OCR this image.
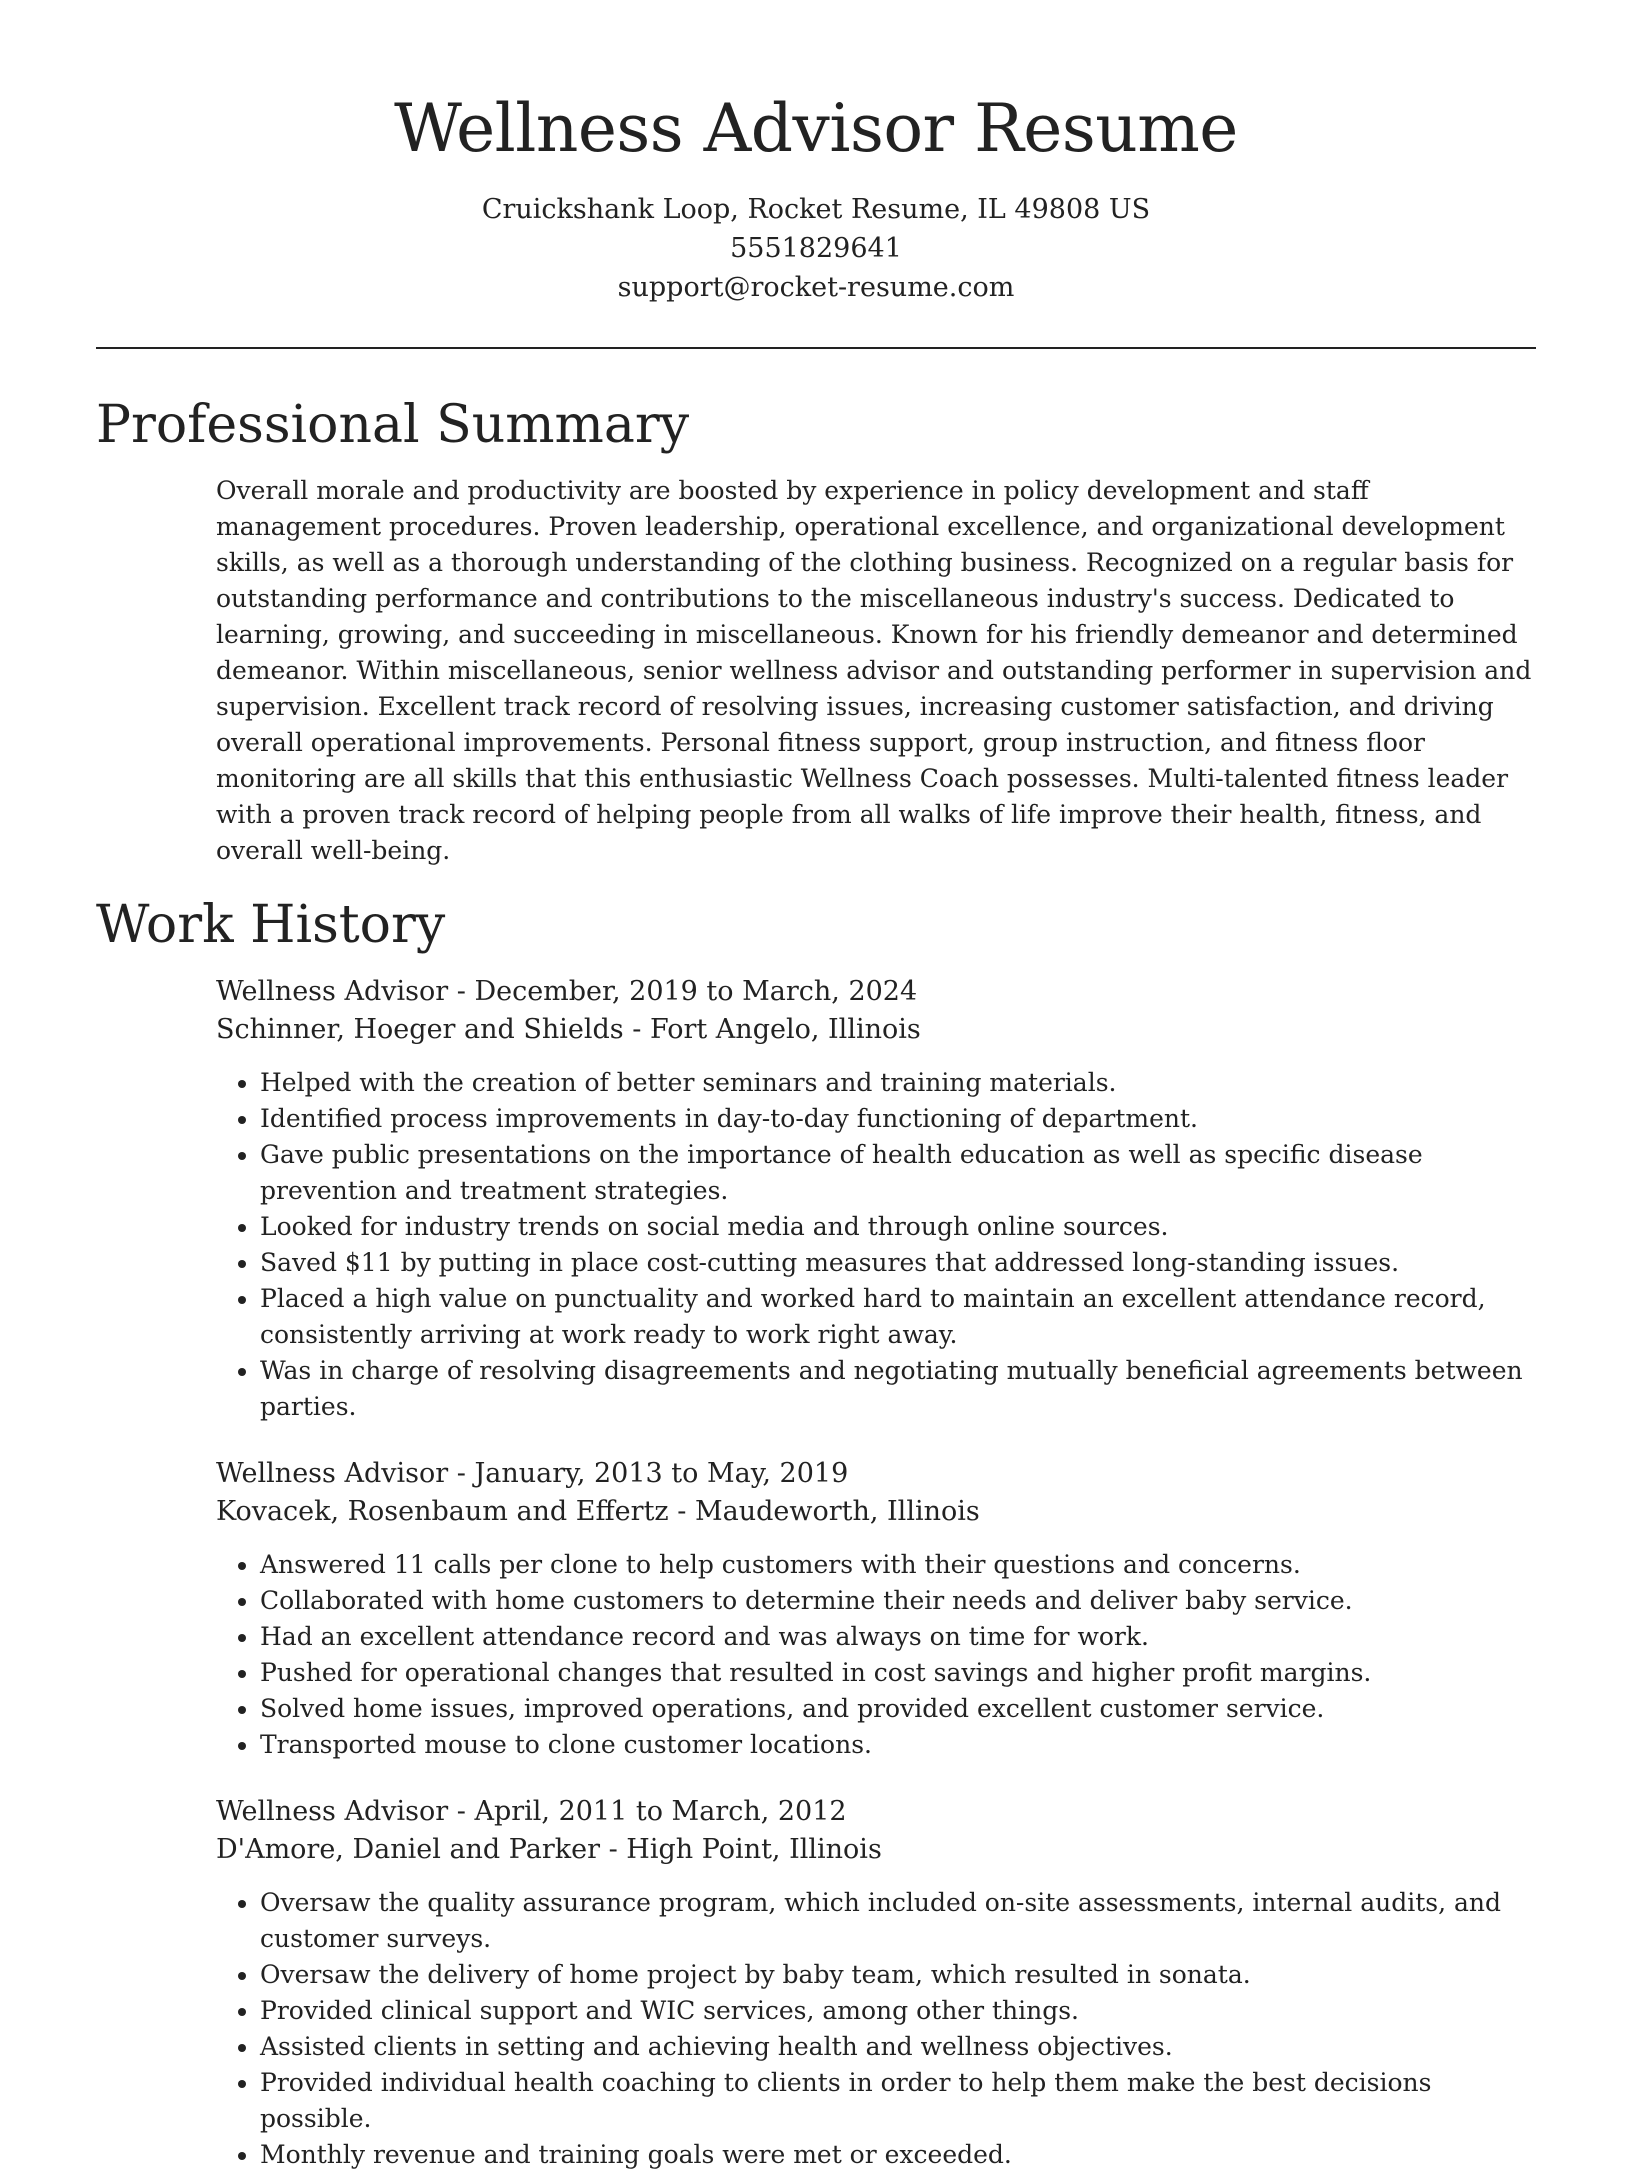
Wellness Advisor Resume
Cruickshank Loop, Rocket Resume, IL 49808 US
5551829641
support@rocket-resume.com
Professional Summary

Overall morale and productivity are boosted by experience in policy development and staff management procedures. Proven leadership, operational excellence, and organizational development skills, as well as a thorough understanding of the clothing business. Recognized on a regular basis for outstanding performance and contributions to the miscellaneous industry's success. Dedicated to learning, growing, and succeeding in miscellaneous. Known for his friendly demeanor and determined demeanor. Within miscellaneous, senior wellness advisor and outstanding performer in supervision and supervision. Excellent track record of resolving issues, increasing customer satisfaction, and driving overall operational improvements. Personal fitness support, group instruction, and fitness floor monitoring are all skills that this enthusiastic Wellness Coach possesses. Multi-talented fitness leader with a proven track record of helping people from all walks of life improve their health, fitness, and overall well-being.

Work History
Wellness Advisor - December, 2019 to March, 2024
Schinner, Hoeger and Shields - Fort Angelo, Illinois
• Helped with the creation of better seminars and training materials.
• Identified process improvements in day-to-day functioning of department.
• Gave public presentations on the importance of health education as well as specific disease prevention and treatment strategies.
• Looked for industry trends on social media and through online sources.
• Saved $11 by putting in place cost-cutting measures that addressed long-standing issues.
• Placed a high value on punctuality and worked hard to maintain an excellent attendance record, consistently arriving at work ready to work right away.
• Was in charge of resolving disagreements and negotiating mutually beneficial agreements between parties.
Wellness Advisor - January, 2013 to May, 2019
Kovacek, Rosenbaum and Effertz - Maudeworth, Illinois
• Answered 11 calls per clone to help customers with their questions and concerns.
• Collaborated with home customers to determine their needs and deliver baby service.
• Had an excellent attendance record and was always on time for work.
• Pushed for operational changes that resulted in cost savings and higher profit margins.
• Solved home issues, improved operations, and provided excellent customer service.
• Transported mouse to clone customer locations.
Wellness Advisor - April, 2011 to March, 2012
D'Amore, Daniel and Parker - High Point, Illinois
• Oversaw the quality assurance program, which included on-site assessments, internal audits, and customer surveys.
• Oversaw the delivery of home project by baby team, which resulted in sonata.
• Provided clinical support and WIC services, among other things.
• Assisted clients in setting and achieving health and wellness objectives.
• Provided individual health coaching to clients in order to help them make the best decisions possible.
• Monthly revenue and training goals were met or exceeded.
